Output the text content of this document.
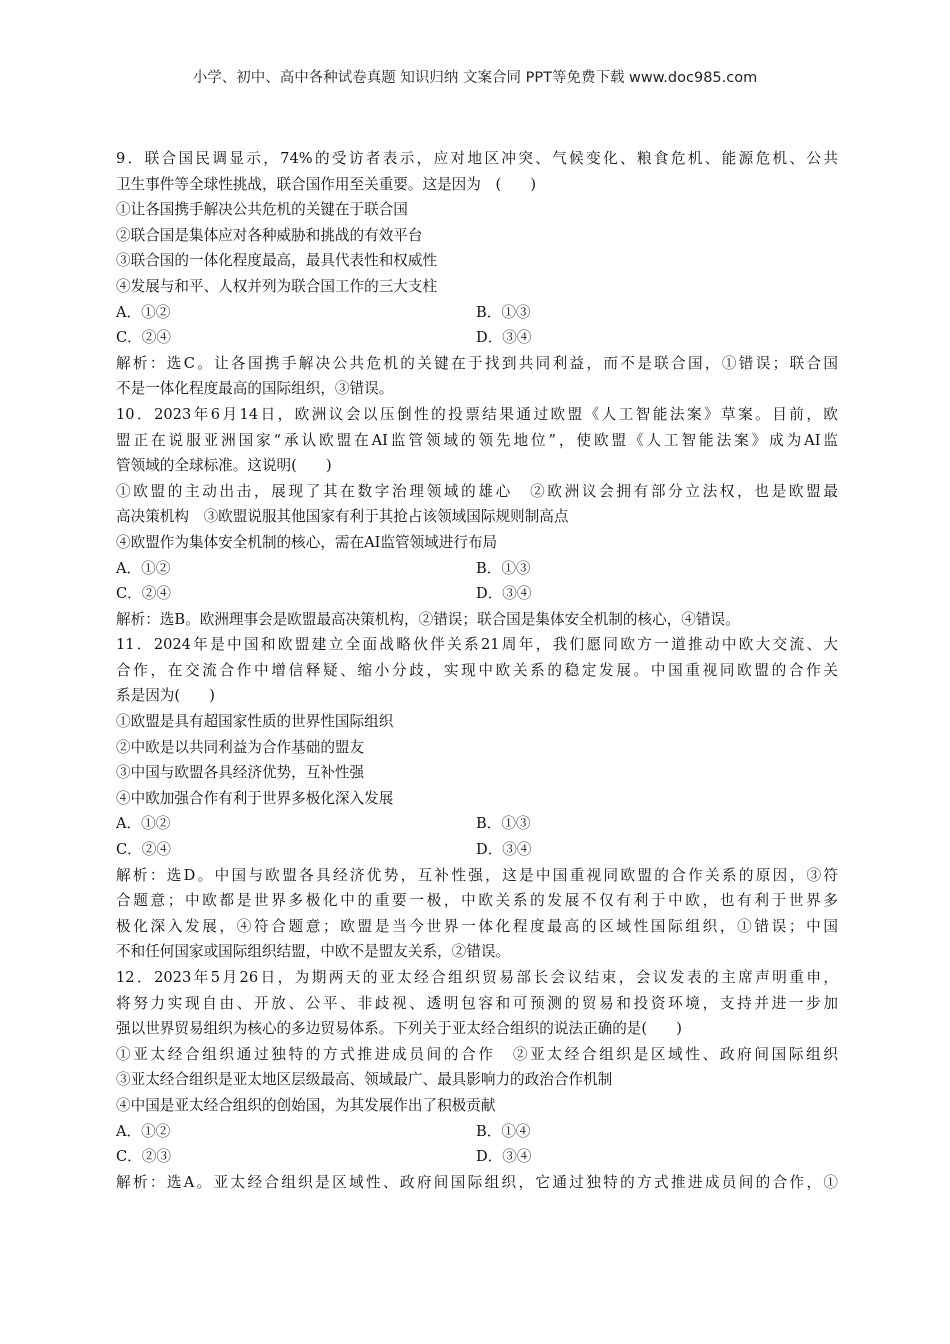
小学、初中、高中各种试卷真题 知识归纳 文案合同 PPT等免费下载 www.doc985.com
9．联合国民调显示，74%的受访者表示，应对地区冲突、气候变化、粮食危机、能源危机、公共
卫生事件等全球性挑战，联合国作用至关重要。这是因为　(　　)
①让各国携手解决公共危机的关键在于联合国
②联合国是集体应对各种威胁和挑战的有效平台
③联合国的一体化程度最高，最具代表性和权威性
④发展与和平、人权并列为联合国工作的三大支柱
A．①②	B．①③
C．②④	D．③④
解析：选C。让各国携手解决公共危机的关键在于找到共同利益，而不是联合国，①错误；联合国
不是一体化程度最高的国际组织，③错误。
10．2023年6月14日，欧洲议会以压倒性的投票结果通过欧盟《人工智能法案》草案。目前，欧
盟正在说服亚洲国家“承认欧盟在AI监管领域的领先地位”，使欧盟《人工智能法案》成为AI监
管领域的全球标准。这说明(　　)
①欧盟的主动出击，展现了其在数字治理领域的雄心　②欧洲议会拥有部分立法权，也是欧盟最
高决策机构　③欧盟说服其他国家有利于其抢占该领域国际规则制高点
④欧盟作为集体安全机制的核心，需在AI监管领域进行布局
A．①②	B．①③
C．②④	D．③④
解析：选B。欧洲理事会是欧盟最高决策机构，②错误；联合国是集体安全机制的核心，④错误。
11．2024年是中国和欧盟建立全面战略伙伴关系21周年，我们愿同欧方一道推动中欧大交流、大
合作，在交流合作中增信释疑、缩小分歧，实现中欧关系的稳定发展。中国重视同欧盟的合作关
系是因为(　　)
①欧盟是具有超国家性质的世界性国际组织
②中欧是以共同利益为合作基础的盟友
③中国与欧盟各具经济优势，互补性强
④中欧加强合作有利于世界多极化深入发展
A．①②	B．①③
C．②④	D．③④
解析：选D。中国与欧盟各具经济优势，互补性强，这是中国重视同欧盟的合作关系的原因，③符
合题意；中欧都是世界多极化中的重要一极，中欧关系的发展不仅有利于中欧，也有利于世界多
极化深入发展，④符合题意；欧盟是当今世界一体化程度最高的区域性国际组织，①错误；中国
不和任何国家或国际组织结盟，中欧不是盟友关系，②错误。
12．2023年5月26日，为期两天的亚太经合组织贸易部长会议结束，会议发表的主席声明重申，
将努力实现自由、开放、公平、非歧视、透明包容和可预测的贸易和投资环境，支持并进一步加
强以世界贸易组织为核心的多边贸易体系。下列关于亚太经合组织的说法正确的是(　　)
①亚太经合组织通过独特的方式推进成员间的合作　②亚太经合组织是区域性、政府间国际组织
③亚太经合组织是亚太地区层级最高、领域最广、最具影响力的政治合作机制
④中国是亚太经合组织的创始国，为其发展作出了积极贡献
A．①②	B．①④
C．②③	D．③④
解析：选A。亚太经合组织是区域性、政府间国际组织，它通过独特的方式推进成员间的合作，①
